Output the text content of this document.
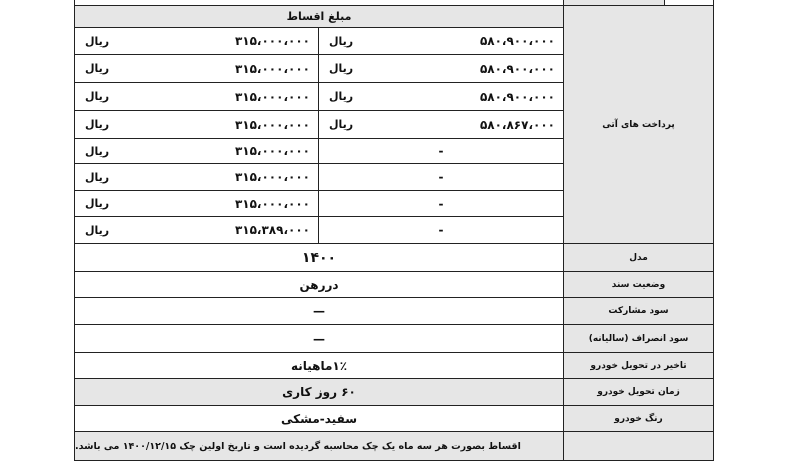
مبلغ اقساط
پرداخت های آتی
ریال	۳۱۵،۰۰۰،۰۰۰ ریال	۵۸۰،۹۰۰،۰۰۰
ریال	۳۱۵،۰۰۰،۰۰۰ ریال	۵۸۰،۹۰۰،۰۰۰
ریال	۳۱۵،۰۰۰،۰۰۰ ریال	۵۸۰،۹۰۰،۰۰۰
ریال	۳۱۵،۰۰۰،۰۰۰ ریال	۵۸۰،۸۶۷،۰۰۰
ریال	۳۱۵،۰۰۰،۰۰۰	-
ریال	۳۱۵،۰۰۰،۰۰۰	-
ریال	۳۱۵،۰۰۰،۰۰۰	-
ریال	۳۱۵،۳۸۹،۰۰۰	-
۱۴۰۰	مدل
دررهن	وضعیت سند
—	سود مشارکت
—	سود انصراف (سالیانه)
۱٪ماهیانه	تاخیر در تحویل خودرو
۶۰ روز کاری	زمان تحویل خودرو
سفید-مشکی	رنگ خودرو
اقساط بصورت هر سه ماه یک چک محاسبه گردیده است و تاریخ اولین چک ۱۴۰۰/۱۲/۱۵ می باشد.
